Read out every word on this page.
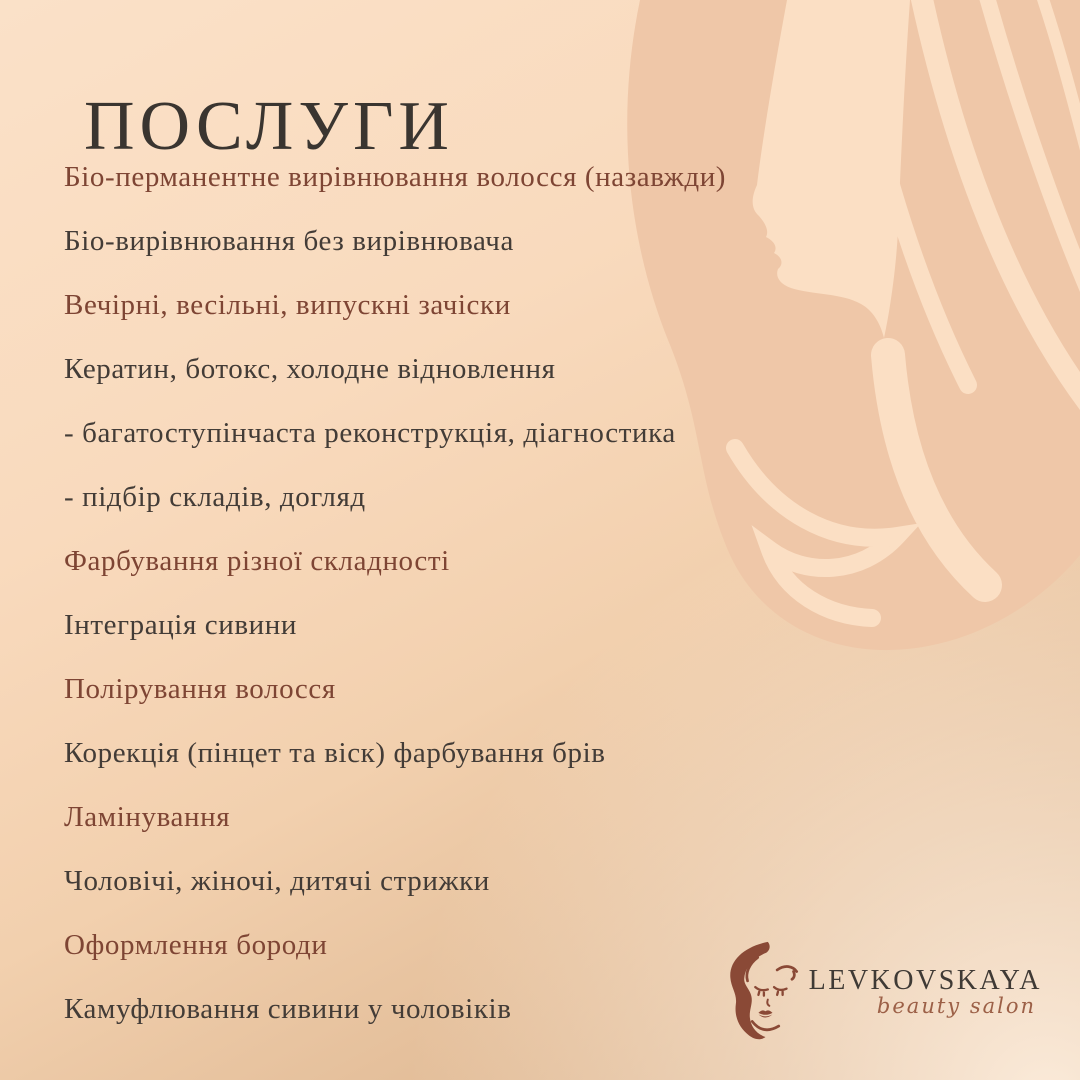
ПОСЛУГИ
Біо-перманентне вирівнювання волосся (назавжди)
Біо-вирівнювання без вирівнювача
Вечірні, весільні, випускні зачіски
Кератин, ботокс, холодне відновлення
- багатоступінчаста реконструкція, діагностика
- підбір складів, догляд
Фарбування різної складності
Інтеграція сивини
Полірування волосся
Корекція (пінцет та віск) фарбування брів
Ламінування
Чоловічі, жіночі, дитячі стрижки
Оформлення бороди
Камуфлювання сивини у чоловіків
LEVKOVSKAYA
beauty salon
